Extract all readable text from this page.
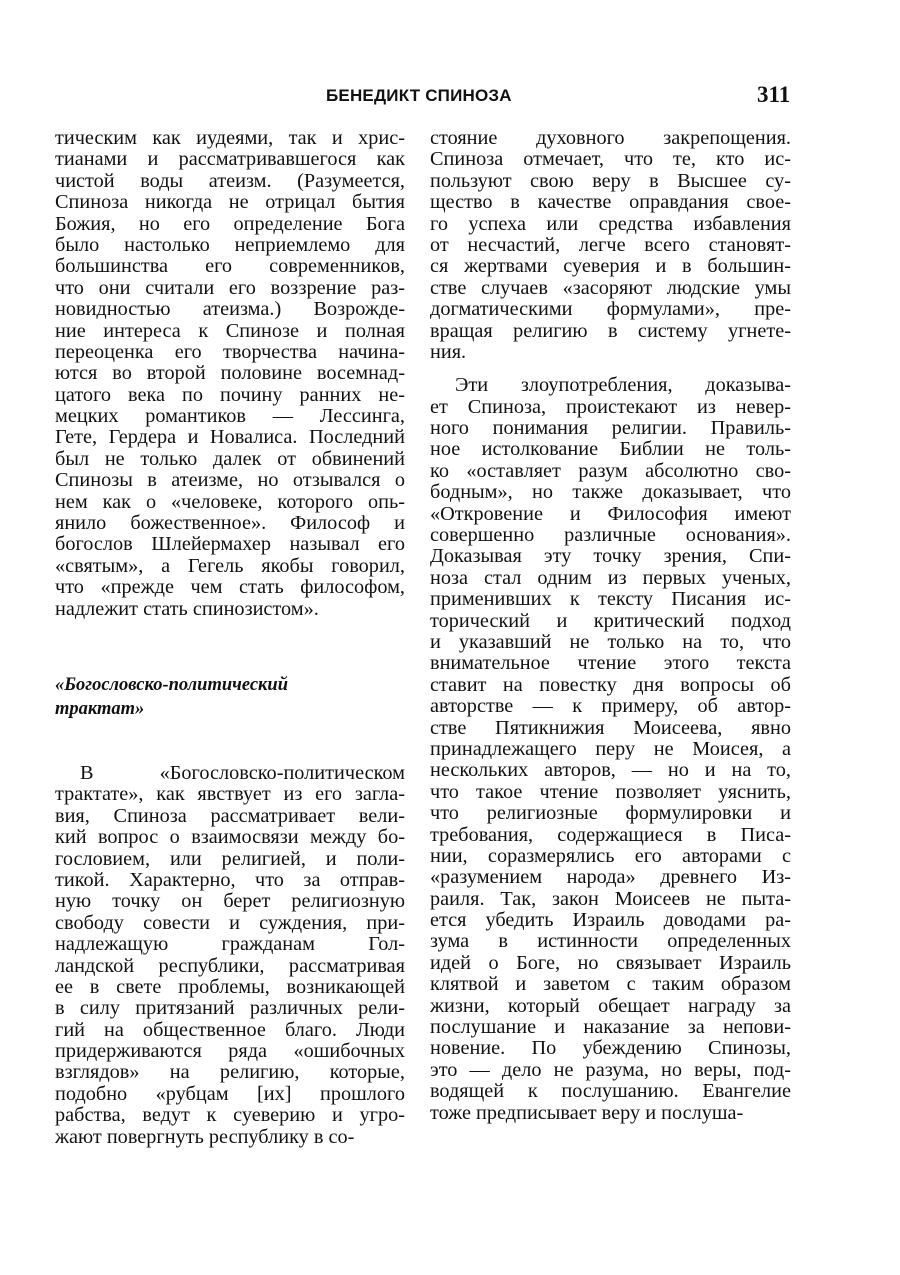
БЕНЕДИКТ СПИНОЗА	311
тическим как иудеями, так и хрис-
тианами и рассматривавшегося как
чистой воды атеизм. (Разумеется,
Спиноза никогда не отрицал бытия
Божия, но его определение Бога
было настолько неприемлемо для
большинства его современников,
что они считали его воззрение раз-
новидностью атеизма.) Возрожде-
ние интереса к Спинозе и полная
переоценка его творчества начина-
ются во второй половине восемнад-
цатого века по почину ранних не-
мецких романтиков — Лессинга,
Гете, Гердера и Новалиса. Последний
был не только далек от обвинений
Спинозы в атеизме, но отзывался о
нем как о «человеке, которого опь-
янило божественное». Философ и
богослов Шлейермахер называл его
«святым», а Гегель якобы говорил,
что «прежде чем стать философом,
надлежит стать спинозистом».
«Богословско-политический
трактат»
В «Богословско-политическом
трактате», как явствует из его загла-
вия, Спиноза рассматривает вели-
кий вопрос о взаимосвязи между бо-
гословием, или религией, и поли-
тикой. Характерно, что за отправ-
ную точку он берет религиозную
свободу совести и суждения, при-
надлежащую гражданам Гол-
ландской республики, рассматривая
ее в свете проблемы, возникающей
в силу притязаний различных рели-
гий на общественное благо. Люди
придерживаются ряда «ошибочных
взглядов» на религию, которые,
подобно «рубцам [их] прошлого
рабства, ведут к суеверию и угро-
жают повергнуть республику в со-
стояние духовного закрепощения.
Спиноза отмечает, что те, кто ис-
пользуют свою веру в Высшее су-
щество в качестве оправдания свое-
го успеха или средства избавления
от несчастий, легче всего становят-
ся жертвами суеверия и в большин-
стве случаев «засоряют людские умы
догматическими формулами», пре-
вращая религию в систему угнете-
ния.
Эти злоупотребления, доказыва-
ет Спиноза, проистекают из невер-
ного понимания религии. Правиль-
ное истолкование Библии не толь-
ко «оставляет разум абсолютно сво-
бодным», но также доказывает, что
«Откровение и Философия имеют
совершенно различные основания».
Доказывая эту точку зрения, Спи-
ноза стал одним из первых ученых,
применивших к тексту Писания ис-
торический и критический подход
и указавший не только на то, что
внимательное чтение этого текста
ставит на повестку дня вопросы об
авторстве — к примеру, об автор-
стве Пятикнижия Моисеева, явно
принадлежащего перу не Моисея, а
нескольких авторов, — но и на то,
что такое чтение позволяет уяснить,
что религиозные формулировки и
требования, содержащиеся в Писа-
нии, соразмерялись его авторами с
«разумением народа» древнего Из-
раиля. Так, закон Моисеев не пыта-
ется убедить Израиль доводами ра-
зума в истинности определенных
идей о Боге, но связывает Израиль
клятвой и заветом с таким образом
жизни, который обещает награду за
послушание и наказание за непови-
новение. По убеждению Спинозы,
это — дело не разума, но веры, под-
водящей к послушанию. Евангелие
тоже предписывает веру и послуша-
